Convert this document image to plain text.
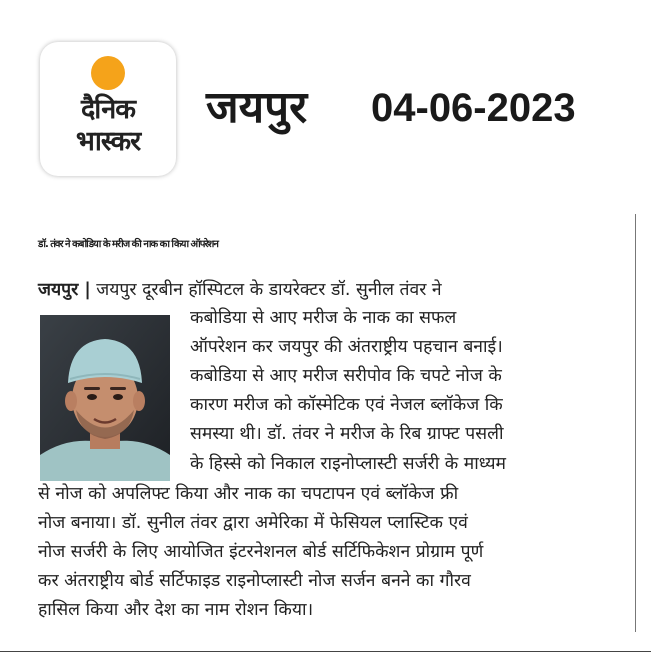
दैनिक
भास्कर
जयपुर 04-06-2023
डॉ. तंवर ने कबोडिया के मरीज की नाक का किया ऑपरेशन
जयपुर | जयपुर दूरबीन हॉस्पिटल के डायरेक्टर डॉ. सुनील तंवर ने
कबोडिया से आए मरीज के नाक का सफल
ऑपरेशन कर जयपुर की अंतराष्ट्रीय पहचान बनाई।
कबोडिया से आए मरीज सरीपोव कि चपटे नोज के
कारण मरीज को कॉस्मेटिक एवं नेजल ब्लॉकेज कि
समस्या थी। डॉ. तंवर ने मरीज के रिब ग्राफ्ट पसली
के हिस्से को निकाल राइनोप्लास्टी सर्जरी के माध्यम
से नोज को अपलिफ्ट किया और नाक का चपटापन एवं ब्लॉकेज फ्री
नोज बनाया। डॉ. सुनील तंवर द्वारा अमेरिका में फेसियल प्लास्टिक एवं
नोज सर्जरी के लिए आयोजित इंटरनेशनल बोर्ड सर्टिफिकेशन प्रोग्राम पूर्ण
कर अंतराष्ट्रीय बोर्ड सर्टिफाइड राइनोप्लास्टी नोज सर्जन बनने का गौरव
हासिल किया और देश का नाम रोशन किया।
